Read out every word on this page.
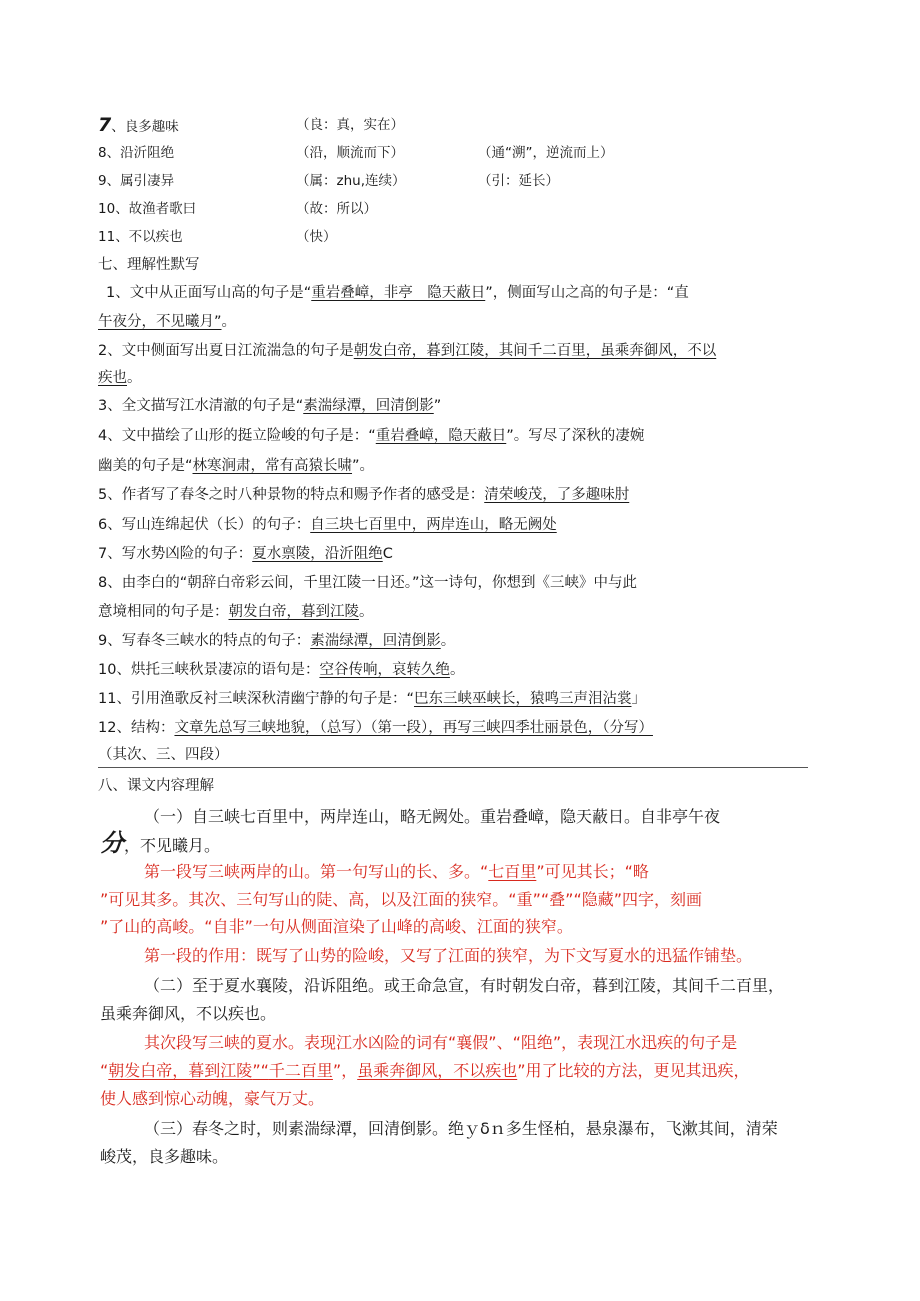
7、良多趣味	（良：真，实在）
8、沿沂阻绝	（沿，顺流而下）	（通“溯”，逆流而上）
9、属引凄异	（属：zhu,连续）	（引：延长）
10、故渔者歌曰	（故：所以）
11、不以疾也	（快）
七、理解性默写
1、文中从正面写山高的句子是“重岩叠嶂，非亭　隐天蔽日”，侧面写山之高的句子是：“直
午夜分，不见曦月”。
2、文中侧面写出夏日江流湍急的句子是朝发白帝，暮到江陵，其间千二百里，虽乘奔御风，不以
疾也。
3、全文描写江水清澈的句子是“素湍绿潭，回清倒影”
4、文中描绘了山形的挺立险峻的句子是：“重岩叠嶂，隐天蔽日”。写尽了深秋的凄婉
幽美的句子是“林寒涧肃，常有高猿长啸”。
5、作者写了春冬之时八种景物的特点和赐予作者的感受是：清荣峻茂，了多趣味肘
6、写山连绵起伏（长）的句子：自三块七百里中，两岸连山，略无阙处
7、写水势凶险的句子：夏水禀陵，沿沂阻绝C
8、由李白的“朝辞白帝彩云间，千里江陵一日还。”这一诗句，你想到《三峡》中与此
意境相同的句子是：朝发白帝，暮到江陵。
9、写春冬三峡水的特点的句子：素湍绿潭，回清倒影。
10、烘托三峡秋景凄凉的语句是：空谷传响，哀转久绝。
11、引用渔歌反衬三峡深秋清幽宁静的句子是：“巴东三峡巫峡长，猿鸣三声泪沾裳」
12、结构：文章先总写三峡地貌，（总写）（第一段），再写三峡四季壮丽景色，（分写）
（其次、三、四段）
八、课文内容理解
（一）自三峡七百里中，两岸连山，略无阙处。重岩叠嶂，隐天蔽日。自非亭午夜
分，不见曦月。
第一段写三峡两岸的山。第一句写山的长、多。“七百里”可见其长；“略
”可见其多。其次、三句写山的陡、高，以及江面的狭窄。“重”“叠”“隐藏”四字，刻画
”了山的高峻。“自非”一句从侧面渲染了山峰的高峻、江面的狭窄。
第一段的作用：既写了山势的险峻，又写了江面的狭窄，为下文写夏水的迅猛作铺垫。
（二）至于夏水襄陵，沿诉阻绝。或王命急宣，有时朝发白帝，暮到江陵，其间千二百里，
虽乘奔御风，不以疾也。
其次段写三峡的夏水。表现江水凶险的词有“襄假”、“阻绝”，表现江水迅疾的句子是
“朝发白帝，暮到江陵”“千二百里”，虽乘奔御风，不以疾也”用了比较的方法，更见其迅疾，
使人感到惊心动魄，豪气万丈。
（三）春冬之时，则素湍绿潭，回清倒影。绝ｙδｎ多生怪柏，悬泉瀑布，飞漱其间，清荣
峻茂，良多趣味。
